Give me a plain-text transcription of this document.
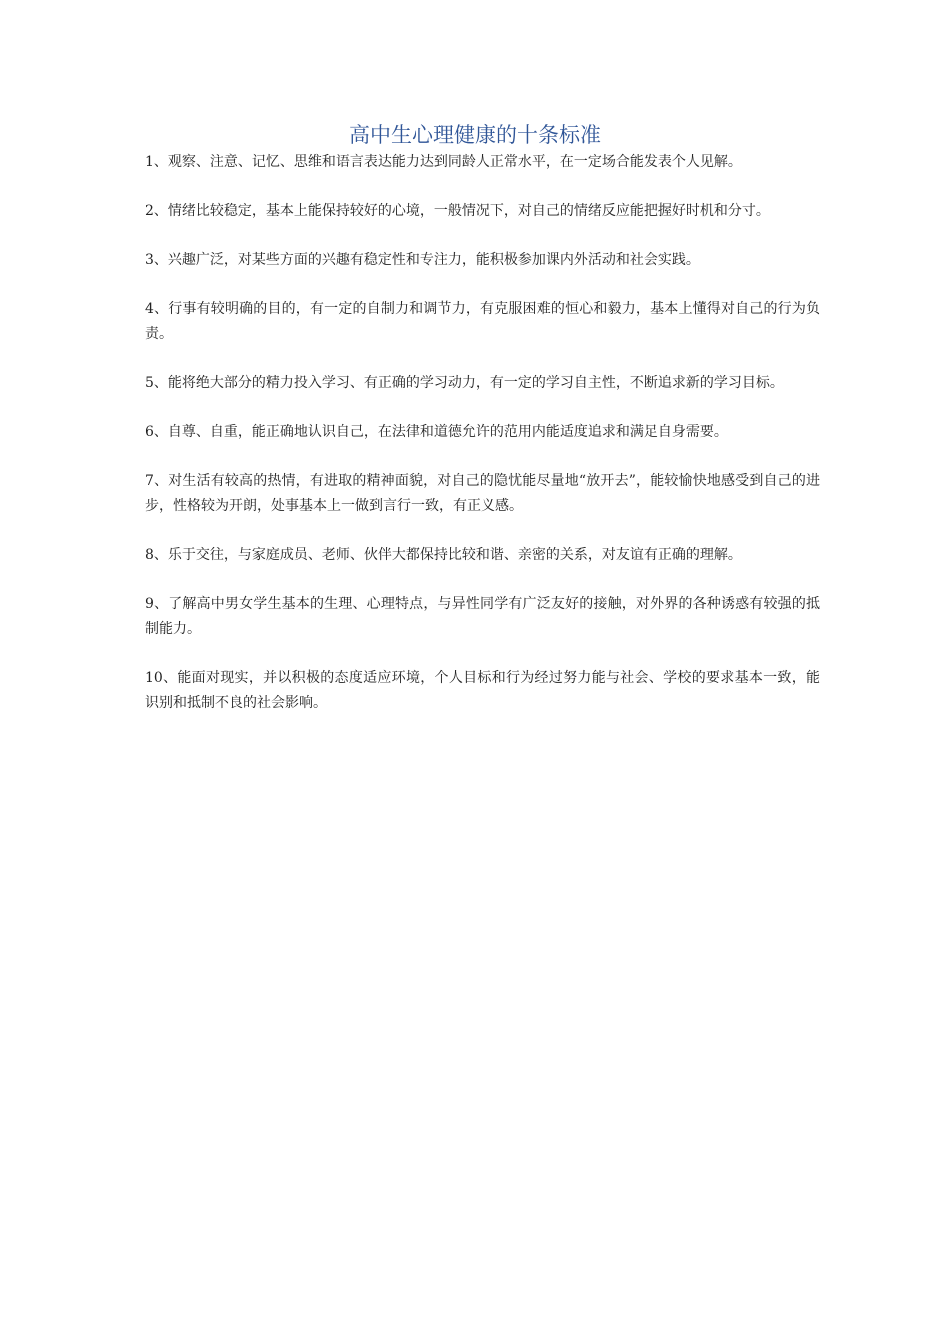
高中生心理健康的十条标准
1、观察、注意、记忆、思维和语言表达能力达到同龄人正常水平，在一定场合能发表个人见解。
2、情绪比较稳定，基本上能保持较好的心境，一般情况下，对自己的情绪反应能把握好时机和分寸。
3、兴趣广泛，对某些方面的兴趣有稳定性和专注力，能积极参加课内外活动和社会实践。
4、行事有较明确的目的，有一定的自制力和调节力，有克服困难的恒心和毅力，基本上懂得对自己的行为负责。
5、能将绝大部分的精力投入学习、有正确的学习动力，有一定的学习自主性，不断追求新的学习目标。
6、自尊、自重，能正确地认识自己，在法律和道德允许的范用内能适度追求和满足自身需要。
7、对生活有较高的热情，有进取的精神面貌，对自己的隐忧能尽量地“放开去”，能较愉快地感受到自己的进步，性格较为开朗，处事基本上一做到言行一致，有正义感。
8、乐于交往，与家庭成员、老师、伙伴大都保持比较和谐、亲密的关系，对友谊有正确的理解。
9、了解高中男女学生基本的生理、心理特点，与异性同学有广泛友好的接触，对外界的各种诱惑有较强的抵制能力。
10、能面对现实，并以积极的态度适应环境，个人目标和行为经过努力能与社会、学校的要求基本一致，能识别和抵制不良的社会影响。
